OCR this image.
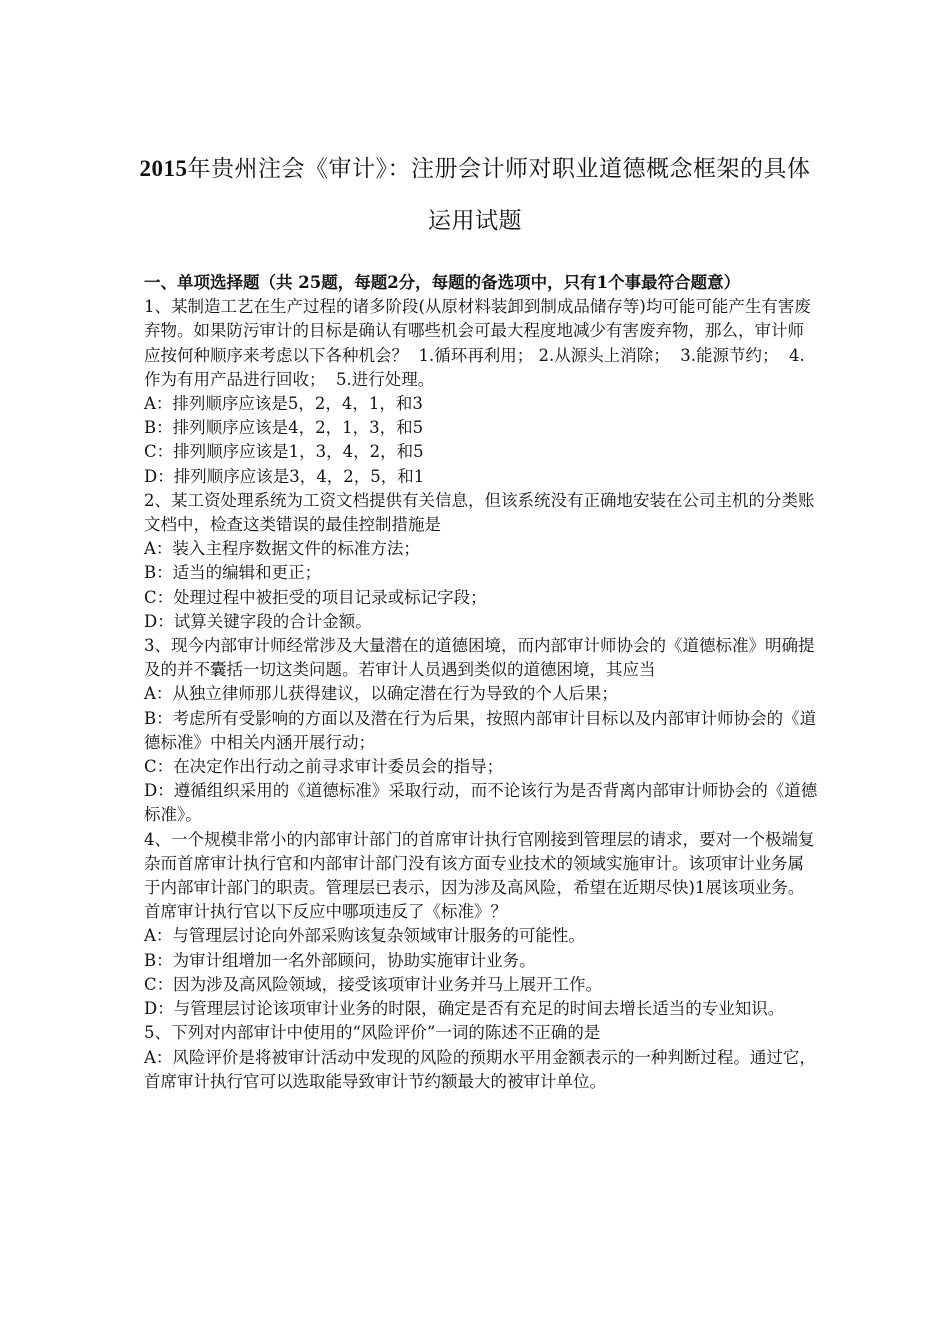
2015年贵州注会《审计》：注册会计师对职业道德概念框架的具体运用试题

一、单项选择题（共 25题，每题2分，每题的备选项中，只有1个事最符合题意）

1、某制造工艺在生产过程的诸多阶段(从原材料装卸到制成品储存等)均可能可能产生有害废弃物。如果防污审计的目标是确认有哪些机会可最大程度地减少有害废弃物，那么，审计师应按何种顺序来考虑以下各种机会？  1.循环再利用； 2.从源头上消除；  3.能源节约；  4.作为有用产品进行回收；  5.进行处理。

A：排列顺序应该是5，2，4，1，和3

B：排列顺序应该是4，2，1，3，和5

C：排列顺序应该是1，3，4，2，和5

D：排列顺序应该是3，4，2，5，和1

2、某工资处理系统为工资文档提供有关信息，但该系统没有正确地安装在公司主机的分类账文档中，检查这类错误的最佳控制措施是

A：装入主程序数据文件的标准方法；

B：适当的编辑和更正；

C：处理过程中被拒受的项目记录或标记字段；

D：试算关键字段的合计金额。

3、现今内部审计师经常涉及大量潜在的道德困境，而内部审计师协会的《道德标准》明确提及的并不囊括一切这类问题。若审计人员遇到类似的道德困境，其应当

A：从独立律师那儿获得建议，以确定潜在行为导致的个人后果；

B：考虑所有受影响的方面以及潜在行为后果，按照内部审计目标以及内部审计师协会的《道德标准》中相关内涵开展行动；

C：在决定作出行动之前寻求审计委员会的指导；

D：遵循组织采用的《道德标准》采取行动，而不论该行为是否背离内部审计师协会的《道德标准》。

4、一个规模非常小的内部审计部门的首席审计执行官刚接到管理层的请求，要对一个极端复杂而首席审计执行官和内部审计部门没有该方面专业技术的领域实施审计。该项审计业务属于内部审计部门的职责。管理层已表示，因为涉及高风险，希望在近期尽快)1展该项业务。首席审计执行官以下反应中哪项违反了《标准》？

A：与管理层讨论向外部采购该复杂领域审计服务的可能性。

B：为审计组增加一名外部顾问，协助实施审计业务。

C：因为涉及高风险领域，接受该项审计业务并马上展开工作。

D：与管理层讨论该项审计业务的时限，确定是否有充足的时间去增长适当的专业知识。

5、下列对内部审计中使用的“风险评价”一词的陈述不正确的是

A：风险评价是将被审计活动中发现的风险的预期水平用金额表示的一种判断过程。通过它，首席审计执行官可以选取能导致审计节约额最大的被审计单位。
